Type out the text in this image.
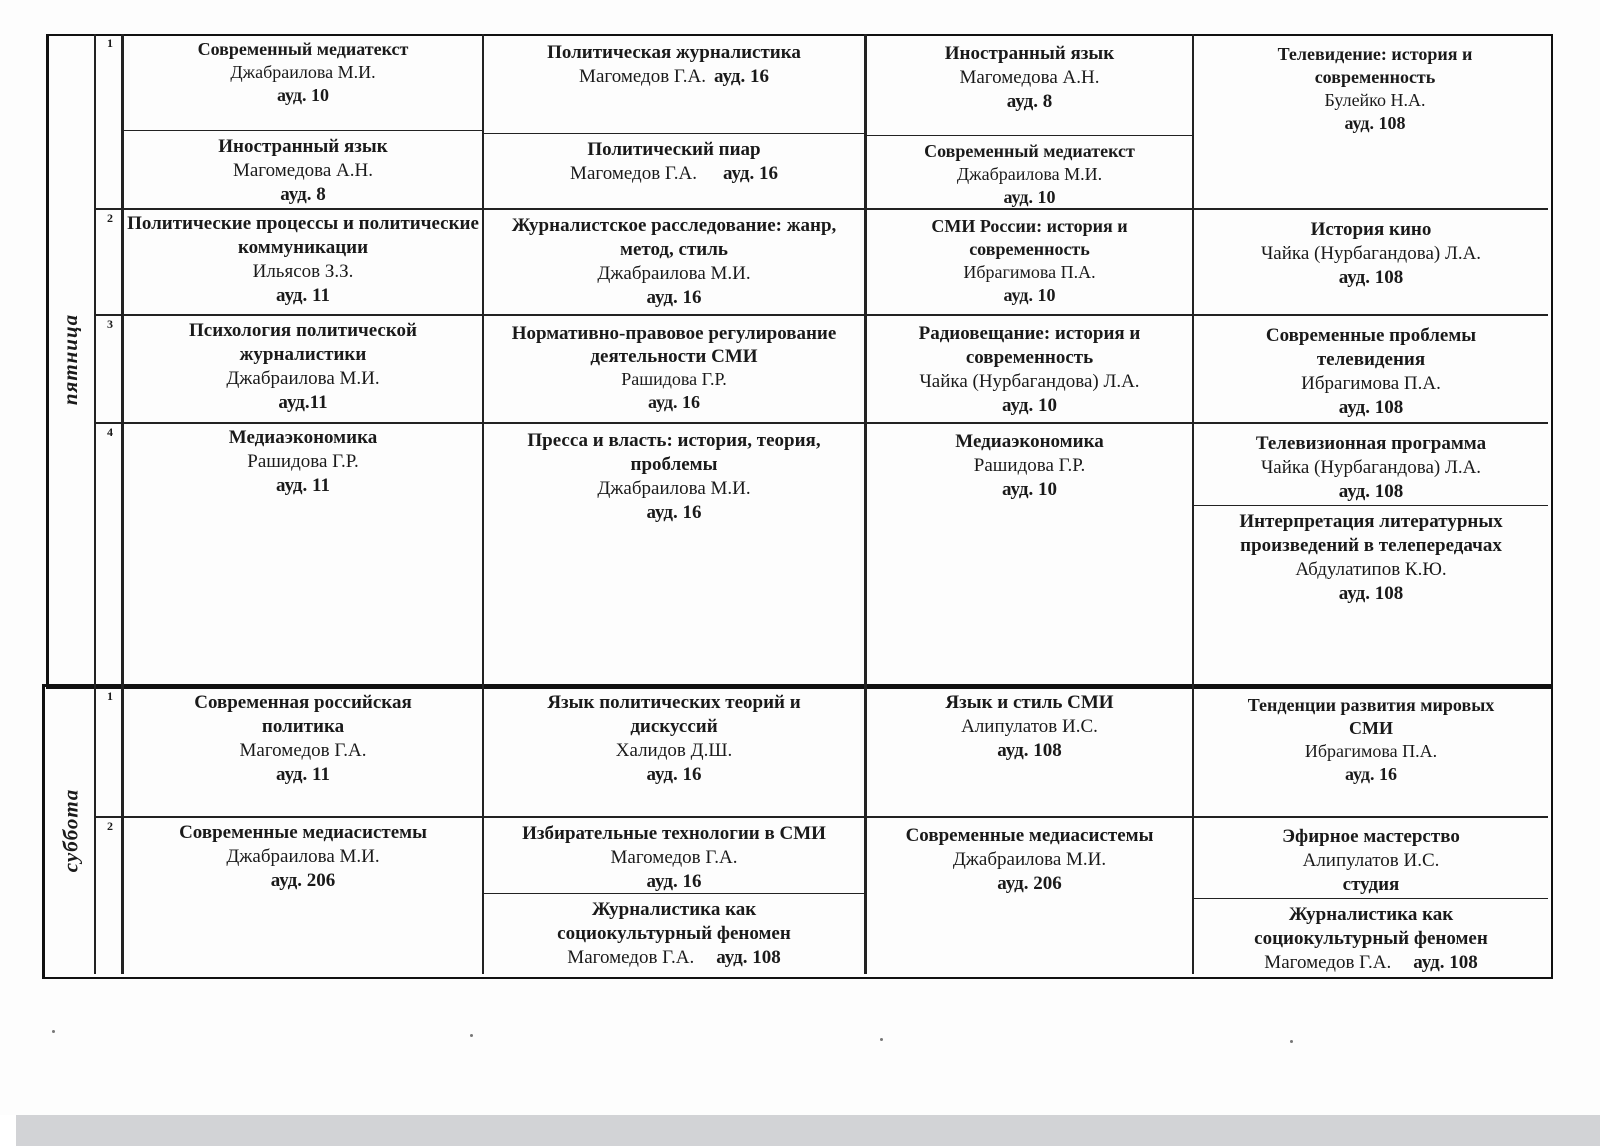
пятница
суббота
1
2
3
4
1
2
Современный медиатекст
Джабраилова М.И.
ауд. 10
Иностранный язык
Магомедова А.Н.
ауд. 8
Политическая журналистика
Магомедов Г.А. ауд. 16
Политический пиар
Магомедов Г.А. ауд. 16
Иностранный язык
Магомедова А.Н.
ауд. 8
Современный медиатекст
Джабраилова М.И.
ауд. 10
Телевидение: история и современность
Булейко Н.А.
ауд. 108
Политические процессы и политические коммуникации
Ильясов З.З.
ауд. 11
Журналистское расследование: жанр, метод, стиль
Джабраилова М.И.
ауд. 16
СМИ России: история и современность
Ибрагимова П.А.
ауд. 10
История кино
Чайка (Нурбагандова) Л.А.
ауд. 108
Психология политической журналистики
Джабраилова М.И.
ауд.11
Нормативно-правовое регулирование деятельности СМИ
Рашидова Г.Р.
ауд. 16
Радиовещание: история и современность
Чайка (Нурбагандова) Л.А.
ауд. 10
Современные проблемы телевидения
Ибрагимова П.А.
ауд. 108
Медиаэкономика
Рашидова Г.Р.
ауд. 11
Пресса и власть: история, теория, проблемы
Джабраилова М.И.
ауд. 16
Медиаэкономика
Рашидова Г.Р.
ауд. 10
Телевизионная программа
Чайка (Нурбагандова) Л.А.
ауд. 108
Интерпретация литературных произведений в телепередачах
Абдулатипов К.Ю.
ауд. 108
Современная российская политика
Магомедов Г.А.
ауд. 11
Язык политических теорий и дискуссий
Халидов Д.Ш.
ауд. 16
Язык и стиль СМИ
Алипулатов И.С.
ауд. 108
Тенденции развития мировых СМИ
Ибрагимова П.А.
ауд. 16
Современные медиасистемы
Джабраилова М.И.
ауд. 206
Избирательные технологии в СМИ
Магомедов Г.А.
ауд. 16
Журналистика как социокультурный феномен
Магомедов Г.А. ауд. 108
Современные медиасистемы
Джабраилова М.И.
ауд. 206
Эфирное мастерство
Алипулатов И.С.
студия
Журналистика как социокультурный феномен
Магомедов Г.А. ауд. 108
